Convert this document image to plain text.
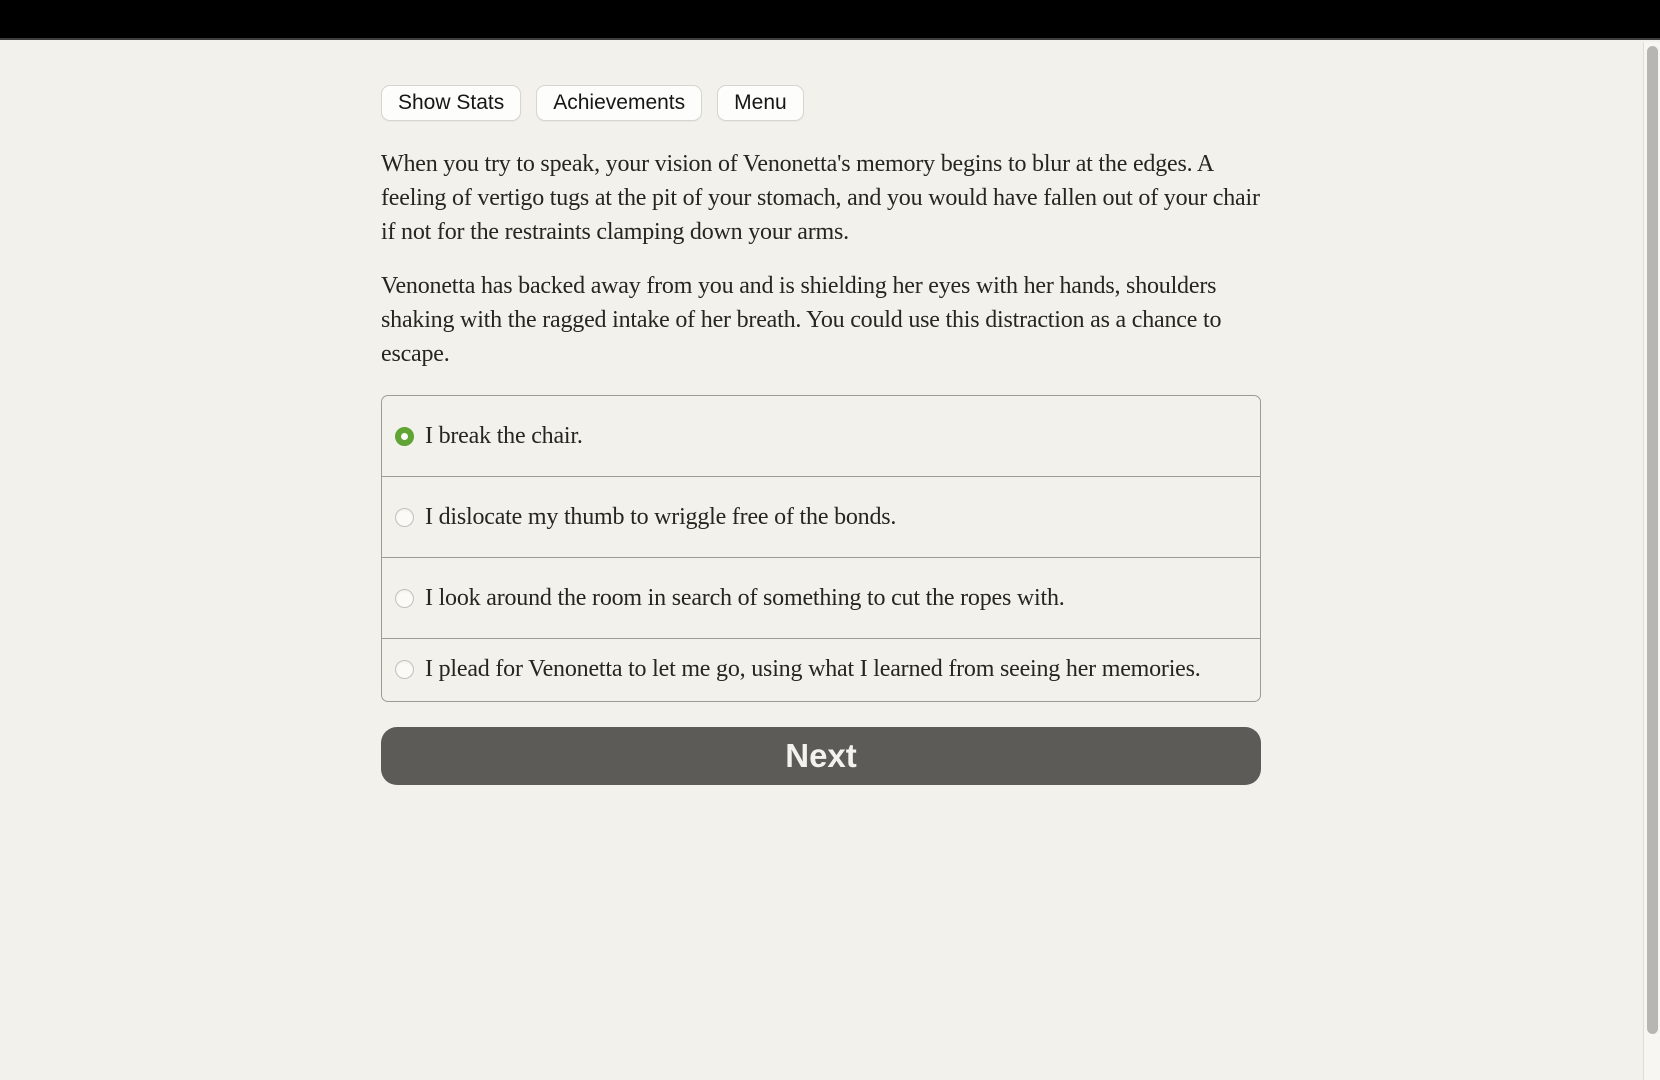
Show Stats	Achievements	Menu

When you try to speak, your vision of Venonetta's memory begins to blur at the edges. A feeling of vertigo tugs at the pit of your stomach, and you would have fallen out of your chair if not for the restraints clamping down your arms.

Venonetta has backed away from you and is shielding her eyes with her hands, shoulders shaking with the ragged intake of her breath. You could use this distraction as a chance to escape.

I break the chair.
I dislocate my thumb to wriggle free of the bonds.
I look around the room in search of something to cut the ropes with.
I plead for Venonetta to let me go, using what I learned from seeing her memories.
Next
